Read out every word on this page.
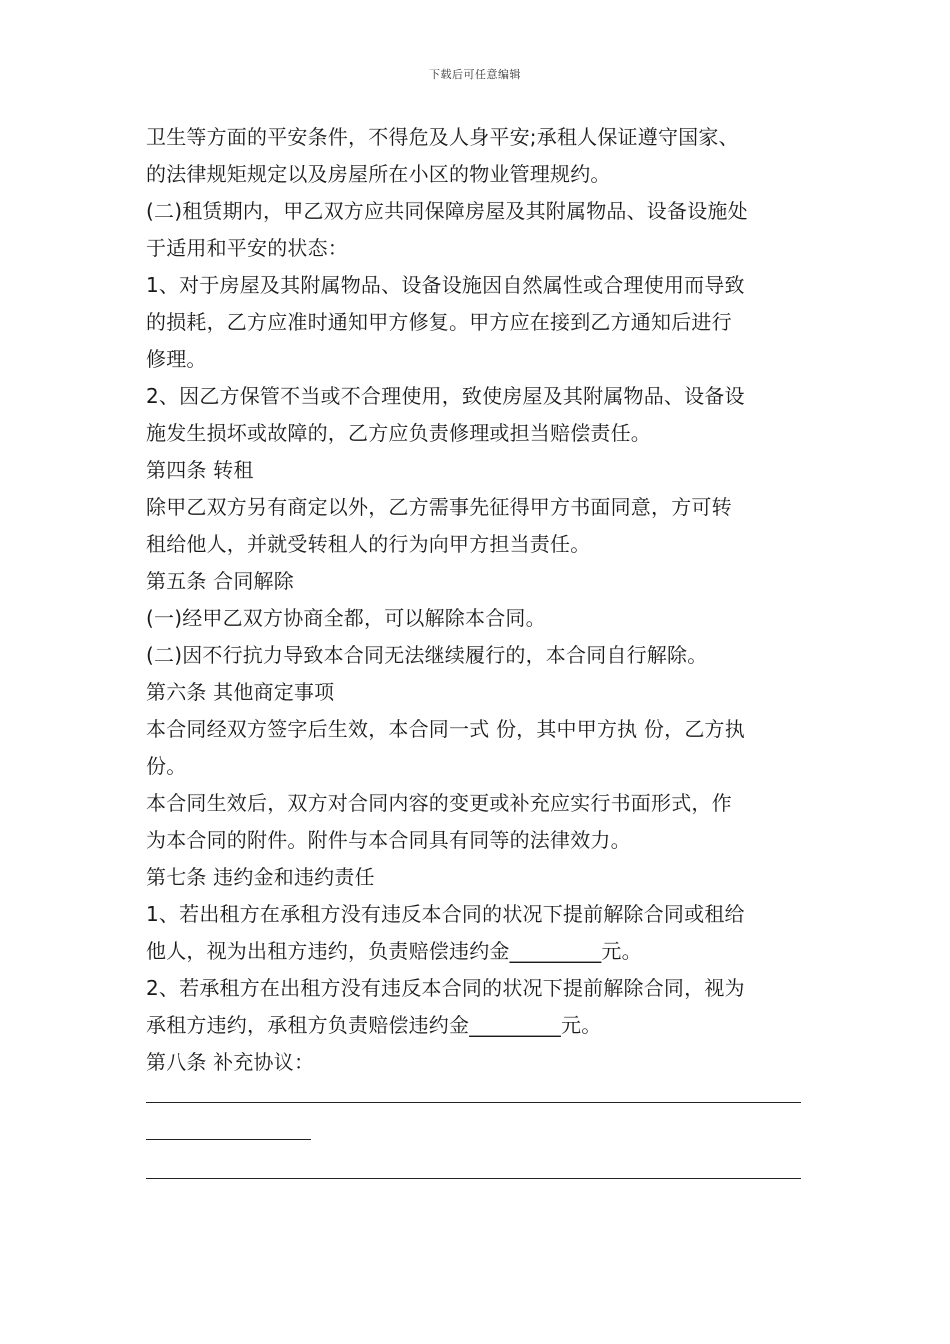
下载后可任意编辑
卫生等方面的平安条件，不得危及人身平安;承租人保证遵守国家、
的法律规矩规定以及房屋所在小区的物业管理规约。
(二)租赁期内，甲乙双方应共同保障房屋及其附属物品、设备设施处
于适用和平安的状态：
1、对于房屋及其附属物品、设备设施因自然属性或合理使用而导致
的损耗，乙方应准时通知甲方修复。甲方应在接到乙方通知后进行
修理。
2、因乙方保管不当或不合理使用，致使房屋及其附属物品、设备设
施发生损坏或故障的，乙方应负责修理或担当赔偿责任。
第四条 转租
除甲乙双方另有商定以外，乙方需事先征得甲方书面同意，方可转
租给他人，并就受转租人的行为向甲方担当责任。
第五条 合同解除
(一)经甲乙双方协商全都，可以解除本合同。
(二)因不行抗力导致本合同无法继续履行的，本合同自行解除。
第六条 其他商定事项
本合同经双方签字后生效，本合同一式 份，其中甲方执 份，乙方执
份。
本合同生效后，双方对合同内容的变更或补充应实行书面形式，作
为本合同的附件。附件与本合同具有同等的法律效力。
第七条 违约金和违约责任
1、若出租方在承租方没有违反本合同的状况下提前解除合同或租给
他人，视为出租方违约，负责赔偿违约金_________元。
2、若承租方在出租方没有违反本合同的状况下提前解除合同，视为
承租方违约，承租方负责赔偿违约金_________元。
第八条 补充协议：
